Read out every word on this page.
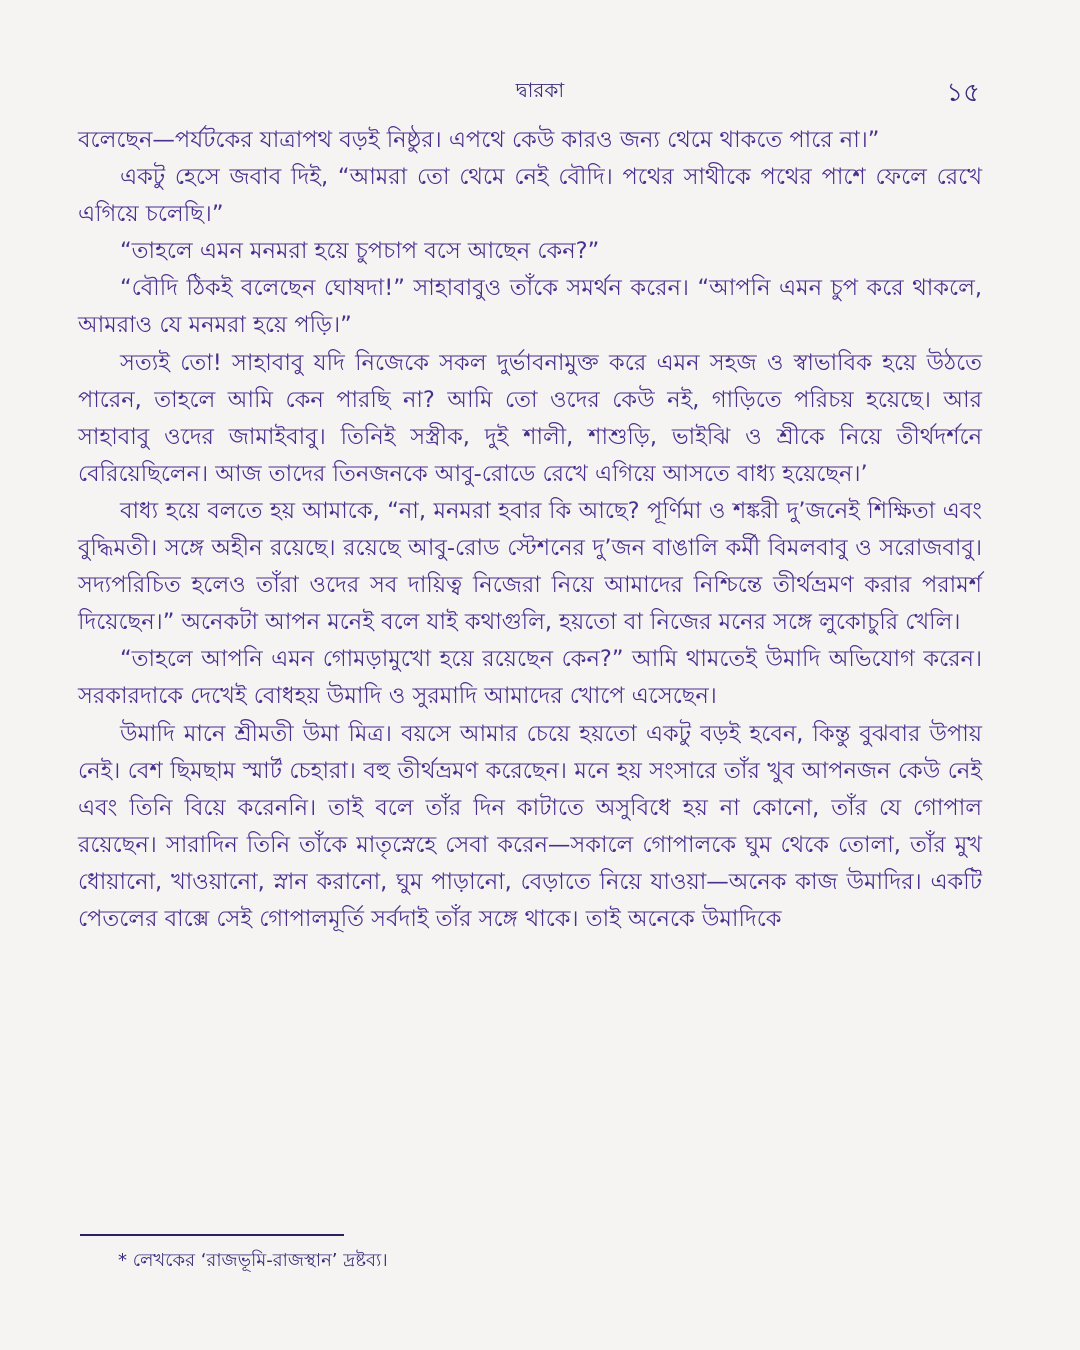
দ্বারকা	১৫

বলেছেন—পর্যটকের যাত্রাপথ বড়ই নিষ্ঠুর। এপথে কেউ কারও জন্য থেমে থাকতে পারে না।”

একটু হেসে জবাব দিই, “আমরা তো থেমে নেই বৌদি। পথের সাথীকে পথের পাশে ফেলে রেখে এগিয়ে চলেছি।”

“তাহলে এমন মনমরা হয়ে চুপচাপ বসে আছেন কেন?”

“বৌদি ঠিকই বলেছেন ঘোষদা!” সাহাবাবুও তাঁকে সমর্থন করেন। “আপনি এমন চুপ করে থাকলে, আমরাও যে মনমরা হয়ে পড়ি।”

সত্যই তো! সাহাবাবু যদি নিজেকে সকল দুর্ভাবনামুক্ত করে এমন সহজ ও স্বাভাবিক হয়ে উঠতে পারেন, তাহলে আমি কেন পারছি না? আমি তো ওদের কেউ নই, গাড়িতে পরিচয় হয়েছে। আর সাহাবাবু ওদের জামাইবাবু। তিনিই সস্ত্রীক, দুই শালী, শাশুড়ি, ভাইঝি ও শ্রীকে নিয়ে তীর্থদর্শনে বেরিয়েছিলেন। আজ তাদের তিনজনকে আবু-রোডে রেখে এগিয়ে আসতে বাধ্য হয়েছেন।’

বাধ্য হয়ে বলতে হয় আমাকে, “না, মনমরা হবার কি আছে? পূর্ণিমা ও শঙ্করী দু’জনেই শিক্ষিতা এবং বুদ্ধিমতী। সঙ্গে অহীন রয়েছে। রয়েছে আবু-রোড স্টেশনের দু’জন বাঙালি কর্মী বিমলবাবু ও সরোজবাবু। সদ্যপরিচিত হলেও তাঁরা ওদের সব দায়িত্ব নিজেরা নিয়ে আমাদের নিশ্চিন্তে তীর্থভ্রমণ করার পরামর্শ দিয়েছেন।” অনেকটা আপন মনেই বলে যাই কথাগুলি, হয়তো বা নিজের মনের সঙ্গে লুকোচুরি খেলি।

“তাহলে আপনি এমন গোমড়ামুখো হয়ে রয়েছেন কেন?” আমি থামতেই উমাদি অভিযোগ করেন। সরকারদাকে দেখেই বোধহয় উমাদি ও সুরমাদি আমাদের খোপে এসেছেন।

উমাদি মানে শ্রীমতী উমা মিত্র। বয়সে আমার চেয়ে হয়তো একটু বড়ই হবেন, কিন্তু বুঝবার উপায় নেই। বেশ ছিমছাম স্মার্ট চেহারা। বহু তীর্থভ্রমণ করেছেন। মনে হয় সংসারে তাঁর খুব আপনজন কেউ নেই এবং তিনি বিয়ে করেননি। তাই বলে তাঁর দিন কাটাতে অসুবিধে হয় না কোনো, তাঁর যে গোপাল রয়েছেন। সারাদিন তিনি তাঁকে মাতৃস্নেহে সেবা করেন—সকালে গোপালকে ঘুম থেকে তোলা, তাঁর মুখ ধোয়ানো, খাওয়ানো, স্নান করানো, ঘুম পাড়ানো, বেড়াতে নিয়ে যাওয়া—অনেক কাজ উমাদির। একটি পেতলের বাক্সে সেই গোপালমূর্তি সর্বদাই তাঁর সঙ্গে থাকে। তাই অনেকে উমাদিকে

* লেখকের ‘রাজভূমি-রাজস্থান’ দ্রষ্টব্য।
